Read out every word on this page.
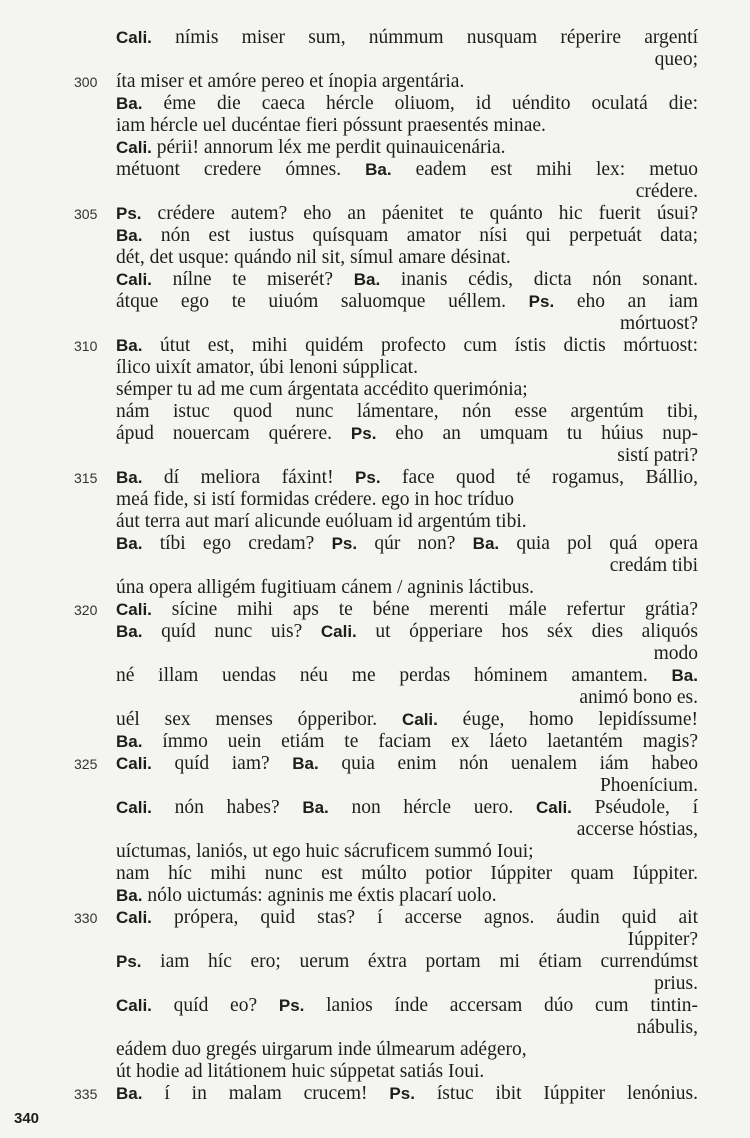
Cali. nímis miser sum, núm‍mum nusquam répe‍rire argentí
queo;
300 íta miser et amóre pereo et ínopia argentária.
Ba. éme die caeca hércle oliuom, id uéndito oculatá die:
iam hércle uel ducéntae fieri póssunt praesentés minae.
Cali. périi! annorum léx me perdit quinauicenária.
métuont credere ómnes. Ba. eadem est mihi lex: metuo
crédere.
305 Ps. crédere autem? eho an páenitet te quánto hic fuerit úsui?
Ba. nón est iustus quísquam amator nísi qui perpetuát data;
dét, det usque: quándo nil sit, símul amare désinat.
Cali. nílne te miserét? Ba. inanis cédis, dicta nón sonant.
átque ego te uiuóm saluomque uéllem. Ps. eho an iam
mórtuost?
310 Ba. út‍ut est, mihi quidém profecto cum ístis dictis mórtuost:
ílico uixít amator, úbi lenoni súpplicat.
sémper tu ad me cum árgentata accédito querimónia;
nám istuc quod nunc lámentare, nón esse argentúm tibi,
ápud nouercam quérere. Ps. eho an umquam tu húius nup-
sistí patri?
315 Ba. dí meliora fáxint! Ps. face quod té rogamus, Bállio,
meá fide, si istí formidas crédere. ego in hoc tríduo
áut terra aut marí alicunde euóluam id argentúm tibi.
Ba. tíbi ego credam? Ps. qúr non? Ba. quia pol quá opera
credám tibi
úna opera alligém fugitiuam cánem / agninis láctibus.
320 Cali. sícine mihi aps te béne merenti mále refertur grátia?
Ba. quíd nunc uis? Cali. ut ópperiare hos séx dies aliquós
modo
né illam uendas néu me perdas hóminem amantem. Ba.
animó bono es.
uél sex menses ópperibor. Cali. éuge, homo lepidíssume!
Ba. ímmo uein etiám te faciam ex láeto laetantém magis?
325 Cali. quíd iam? Ba. quia enim nón uenalem iám habeo
Phoenícium.
Cali. nón habes? Ba. non hércle uero. Cali. Pséudole, í
accerse hóstias,
uíctumas, laniós, ut ego huic sácruficem summó Ioui;
nam híc mihi nunc est múlto potior Iúppiter quam Iúppiter.
Ba. nólo uictumás: agninis me éxtis placarí uolo.
330 Cali. própera, quid stas? í accerse agnos. áudin quid ait
Iúppiter?
Ps. iam híc ero; uerum éxtra portam mi étiam currendúmst
prius.
Cali. quíd eo? Ps. lanios índe accersam dúo cum tintin-
nábulis,
eádem duo gregés uirgarum inde úlmearum adégero,
út hodie ad litátionem huic súppetat satiás Ioui.
335 Ba. í in malam crucem! Ps. ístuc ibit Iúppiter lenónius.
340
